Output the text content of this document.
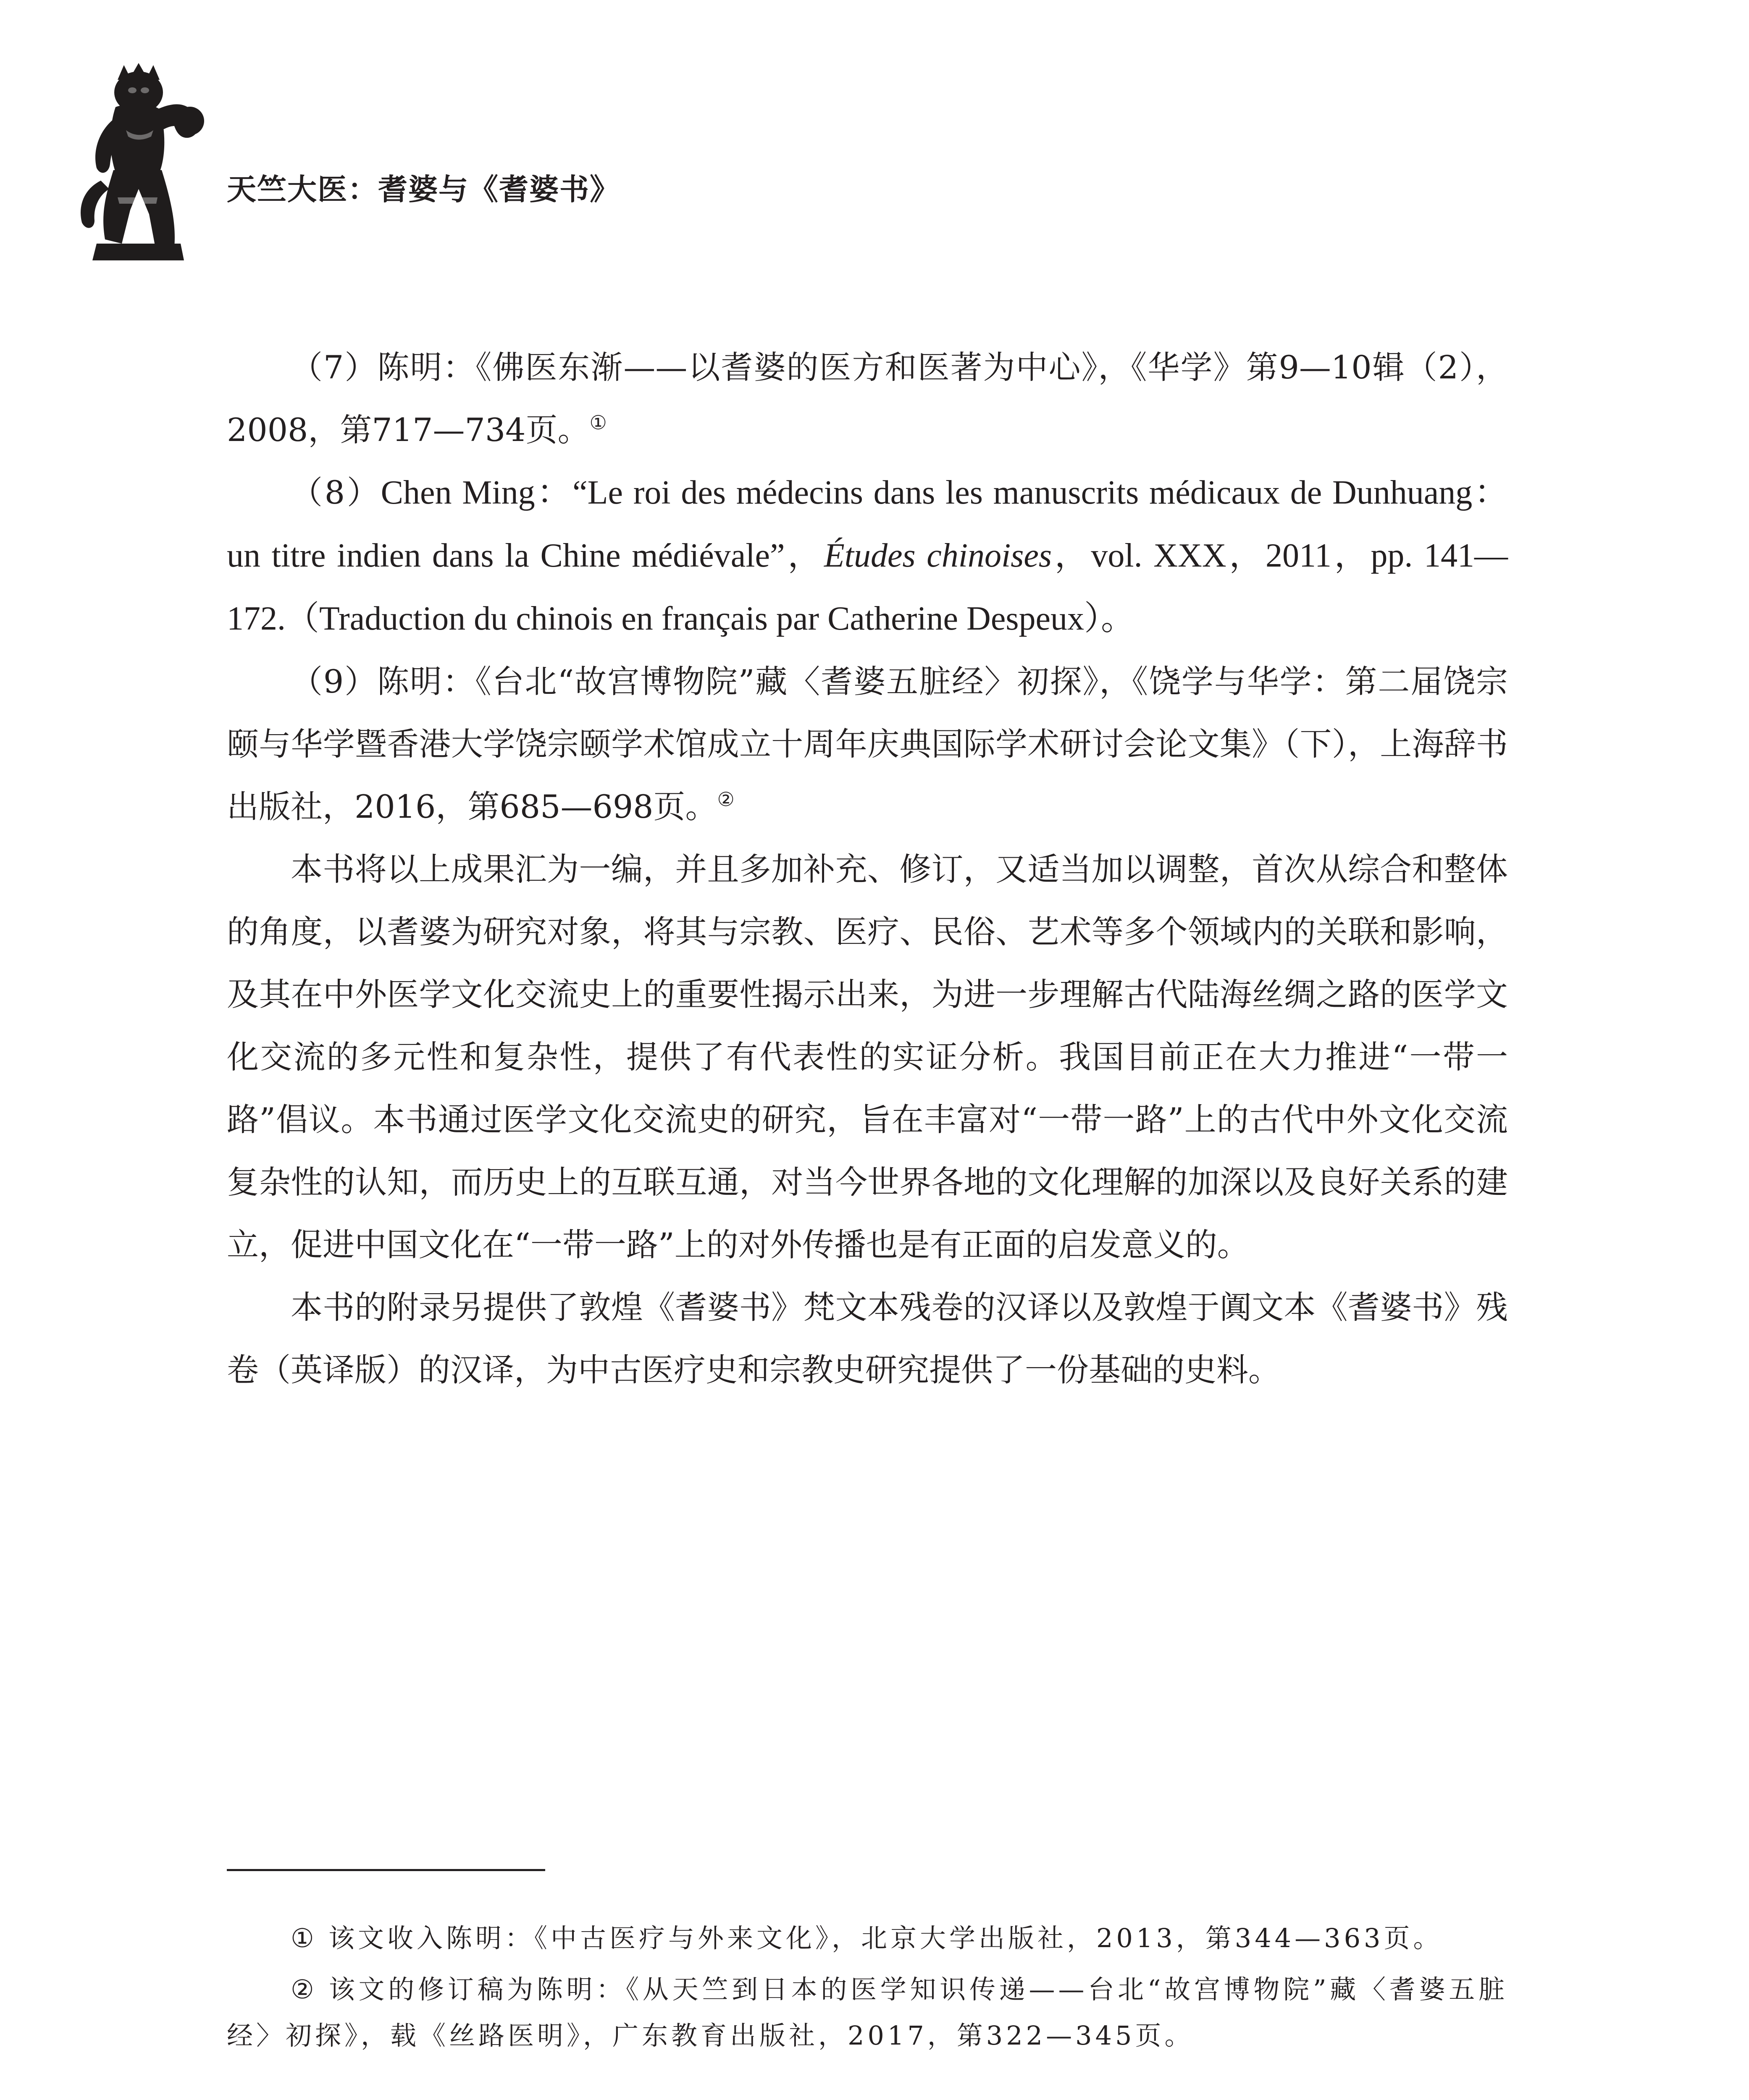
天竺大医：耆婆与《耆婆书》

（7）陈明：《佛医东渐——以耆婆的医方和医著为中心》，《华学》第9—10辑（2），2008，第717—734页。①

（8）Chen Ming：“Le roi des médecins dans les manuscrits médicaux de Dunhuang：un titre indien dans la Chine médiévale”，Études chinoises，vol. XXX，2011，pp. 141—172.（Traduction du chinois en français par Catherine Despeux）。

（9）陈明：《台北“故宫博物院”藏〈耆婆五脏经〉初探》，《饶学与华学：第二届饶宗颐与华学暨香港大学饶宗颐学术馆成立十周年庆典国际学术研讨会论文集》（下），上海辞书出版社，2016，第685—698页。②

本书将以上成果汇为一编，并且多加补充、修订，又适当加以调整，首次从综合和整体的角度，以耆婆为研究对象，将其与宗教、医疗、民俗、艺术等多个领域内的关联和影响，及其在中外医学文化交流史上的重要性揭示出来，为进一步理解古代陆海丝绸之路的医学文化交流的多元性和复杂性，提供了有代表性的实证分析。我国目前正在大力推进“一带一路”倡议。本书通过医学文化交流史的研究，旨在丰富对“一带一路”上的古代中外文化交流复杂性的认知，而历史上的互联互通，对当今世界各地的文化理解的加深以及良好关系的建立，促进中国文化在“一带一路”上的对外传播也是有正面的启发意义的。

本书的附录另提供了敦煌《耆婆书》梵文本残卷的汉译以及敦煌于阗文本《耆婆书》残卷（英译版）的汉译，为中古医疗史和宗教史研究提供了一份基础的史料。

① 该文收入陈明：《中古医疗与外来文化》，北京大学出版社，2013，第344—363页。

② 该文的修订稿为陈明：《从天竺到日本的医学知识传递——台北“故宫博物院”藏〈耆婆五脏经〉初探》，载《丝路医明》，广东教育出版社，2017，第322—345页。
